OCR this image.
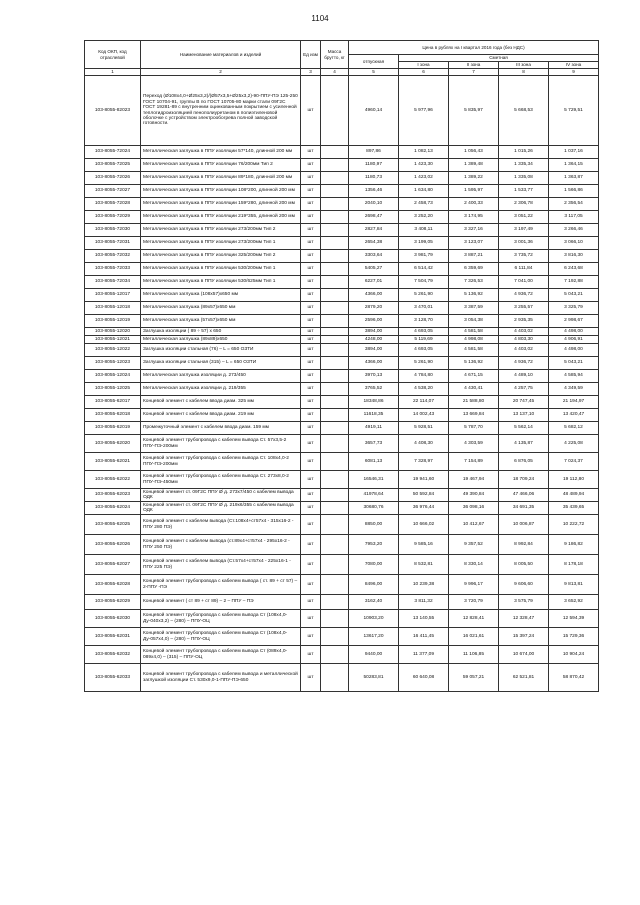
1104
Код ОКП, код отраслевой	Наименование материалов и изделий	Ед изм	Масса брутто, кг	Цена в рублях на I квартал 2016 года (без НДС)				
				отпускная	Сметная			
					I зона	II зона	III зона	IV зона
1	2	3	4	5	6	7	8	9
103-8055-82023	Переход (Ø108x4,0+Ø25x3,2)/(Ø57x3,5+Ø25x3,2)-90-ППУ-ПЭ 125-250 ГОСТ 10704-91, группы В по ГОСТ 10705-80 марки стали 09Г2С ГОСТ 19281-89 с внутренним оцинкованным покрытием с усиленной теплогидроизоляцией пенополиуретаном в полиэтиленовой оболочке с устройством электрообогрева полной заводской готовности.	шт		4960,14	5 977,96	5 835,97	5 668,53	5 729,51
103-8055-72024	Металлическая заглушка в ППУ изоляции 57*140, длинной 200 мм	шт		897,86	1 082,13	1 056,43	1 015,26	1 037,16
103-8055-72025	Металлическая заглушка в ППУ изоляции 76/200мм Тип 2	шт		1180,97	1 423,30	1 389,48	1 335,34	1 364,15
103-8055-72026	Металлическая заглушка в ППУ изоляции 89*180, длинной 200 мм	шт		1180,73	1 423,02	1 389,22	1 335,08	1 363,87
103-8055-72027	Металлическая заглушка в ППУ изоляции 108*200, длинной 200 мм	шт		1356,46	1 634,80	1 595,97	1 533,77	1 566,86
103-8055-72028	Металлическая заглушка в ППУ изоляции 159*280, длинной 200 мм	шт		2040,10	2 458,73	2 400,33	2 306,78	2 356,54
103-8055-72029	Металлическая заглушка в ППУ изоляции 219*355, длинной 200 мм	шт		2698,47	3 252,20	3 174,95	3 051,22	3 117,05
103-8055-72030	Металлическая заглушка в ППУ изоляции 273/200мм Тип 2	шт		2827,84	3 408,11	3 327,16	3 197,49	3 266,46
103-8055-72031	Металлическая заглушка в ППУ изоляции 273/200мм Тип 1	шт		2654,38	3 199,05	3 123,07	3 001,36	3 066,10
103-8055-72032	Металлическая заглушка в ППУ изоляции 325/200мм Тип 2	шт		3303,64	3 981,79	3 887,21	3 735,72	3 816,30
103-8055-72033	Металлическая заглушка в ППУ изоляции 530/200мм Тип 1	шт		5405,27	6 514,42	6 359,69	6 111,84	6 243,68
103-8055-72034	Металлическая заглушка в ППУ изоляции 530/625мм Тип 1	шт		6227,01	7 504,79	7 326,53	7 041,00	7 192,88
103-8055-12017	Металлическая заглушка (108х57)х650 мм	шт		4366,00	5 261,90	5 136,92	4 936,72	5 043,21
103-8055-12018	Металлическая заглушка (89х57)х650 мм	шт		2879,20	3 470,01	3 387,59	3 255,57	3 325,79
103-8055-12019	Металлическая заглушка (57х57)х650 мм	шт		2596,00	3 128,70	3 054,38	2 935,35	2 998,67
103-8055-12020	Заглушка изоляции ( 89 ÷ 57) х 650	шт		3894,00	4 693,05	4 581,58	4 403,02	4 498,00
103-8055-12021	Металлическая заглушка (89х89)х650	шт		4248,00	5 119,69	4 998,08	4 803,30	4 906,91
103-8055-12022	Заглушка изоляции стальная (76) – L = 650 ОЗТИ	шт		3894,00	4 693,05	4 581,58	4 403,02	4 498,00
103-8055-12023	Заглушка изоляции стальная (315) – L = 650 ОЗТИ	шт		4366,00	5 261,90	5 136,92	4 936,72	5 043,21
103-8055-12024	Металлическая заглушка изоляции д. 273/450	шт		3970,13	4 784,80	4 671,15	4 489,10	4 585,94
103-8055-12025	Металлическая заглушка изоляции д. 219/355	шт		3765,52	4 538,20	4 430,41	4 257,75	4 349,59
103-8055-62017	Концевой элемент с кабелем ввода диам. 325 мм	шт		18348,86	22 114,07	21 588,80	20 747,45	21 194,97
103-8055-62018	Концевой элемент с кабелем ввода диам. 219 мм	шт		11618,35	14 002,43	13 669,84	13 137,10	13 420,47
103-8055-62019	Промежуточный элемент с кабелем ввода диам. 159 мм	шт		4919,11	5 928,51	5 787,70	5 562,14	5 682,12
103-8055-62020	Концевой элемент трубопровода с кабелем вывода Ст. 57х3,5-2 ППУ-ПЭ-200мм	шт		3657,73	4 408,30	4 303,59	4 135,87	4 225,08
103-8055-62021	Концевой элемент трубопровода с кабелем вывода Ст. 108х4,0-2 ППУ-ПЭ-200мм	шт		6081,13	7 328,97	7 154,89	6 876,05	7 024,37
103-8055-62022	Концевой элемент трубопровода с кабелем вывода Ст. 273х8,0-2 ППУ-ПЭ-450мм	шт		16546,31	19 941,60	19 467,94	18 709,24	19 112,80
103-8055-62023	Концевой элемент ст. 09Г2С ППУ Ø д. 273х7/450 с кабелем вывода ОДК	шт		41978,64	50 592,84	49 390,84	47 466,06	48 489,94
103-8055-62024	Концевой элемент ст. 09Г2С ППУ Ø д. 219х6/355 с кабелем вывода ОДК	шт		30680,76	36 976,44	36 098,16	34 691,35	35 439,65
103-8055-62025	Концевой элемент с кабелем вывода (Ст.108х4+ст57х4 - 315х16-2 - ППУ 280 ПЭ)	шт		8850,00	10 666,02	10 412,67	10 006,87	10 222,72
103-8055-62026	Концевой элемент с кабелем вывода (ст.89х4+ст57х4 - 295х16-2 - ППУ 250 ПЭ)	шт		7953,20	9 585,16	9 357,52	8 992,84	9 186,82
103-8055-62027	Концевой элемент с кабелем вывода (Ст.57х4+ст57х4 - 225х16-1 - ППУ 225 ПЭ)	шт		7080,00	8 532,81	8 330,14	8 005,50	8 178,18
103-8055-62028	Концевой элемент трубопровода с кабелем вывода ( ст. 89 + ст 57) – 2-ППУ -ПЭ	шт		8496,00	10 239,38	9 996,17	9 606,60	9 813,81
103-8055-62029	Концевой элемент ( ст 89 + ст 89) – 2 – ППУ – ПЭ	шт		3162,40	3 811,32	3 720,79	3 575,79	3 652,92
103-8055-62030	Концевой элемент трубопровода с кабелем вывода Ст (108х4,0-Ду-040х3,2) – (280) – ППУ-ОЦ	шт		10903,20	13 140,55	12 828,41	12 328,47	12 594,39
103-8055-62031	Концевой элемент трубопровода с кабелем вывода Ст (108х4,0-Ду-057х4,0) – (280) – ППУ-ОЦ	шт		13617,20	16 411,45	16 021,61	15 397,24	15 729,36
103-8055-62032	Концевой элемент трубопровода с кабелем вывода Ст (089х4,0-089х4,0) – (315) – ППУ-ОЦ	шт		9440,00	11 377,09	11 106,85	10 674,00	10 904,24
103-8055-62033	Концевой элемент трубопровода с кабелем вывода и металлической заглушкой изоляции Ст. 530х9,0-1-ППУ-ПЭ-650	шт		50283,81	60 640,08	59 057,21	62 521,81	58 870,42
